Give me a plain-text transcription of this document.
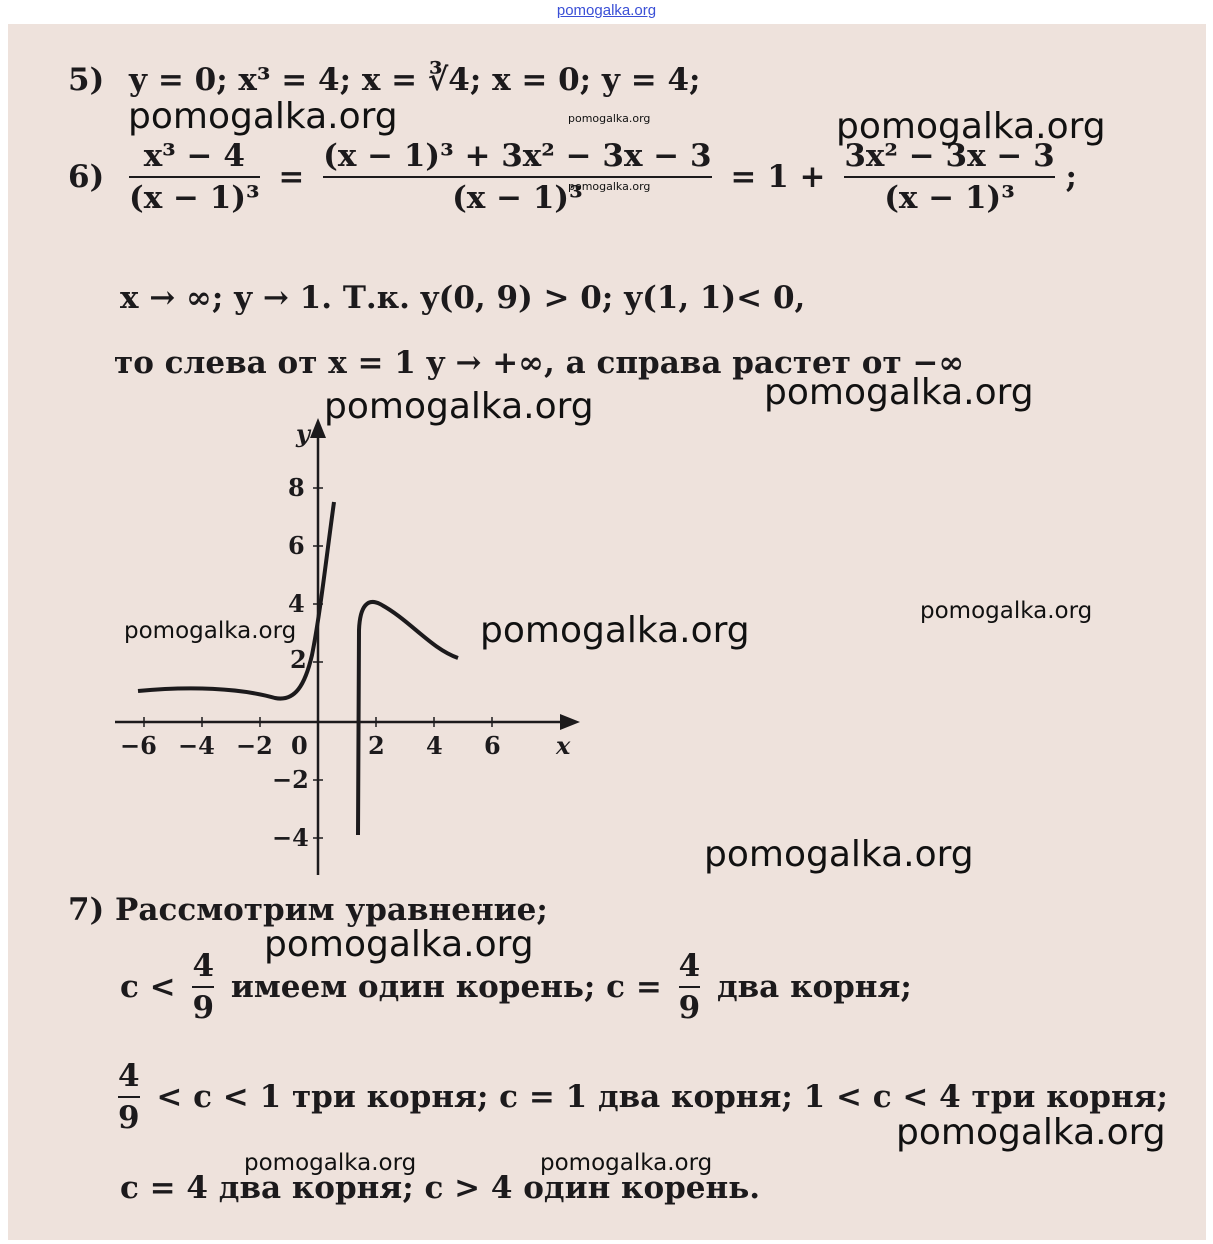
pomogalka.org
5) y = 0; x³ = 4; x = ∛4; x = 0; y = 4;
$6) \frac{\text{x³ − 4}}{\text{(x − 1)³}} = \frac{\text{(x − 1)³ + 3x² − 3x − 3}}{\text{(x − 1)³}} = 1 + \frac{\text{3x² − 3x − 3}}{\text{(x − 1)³}}$ ;
x → ∞; y → 1. Т.к. y(0, 9) > 0; y(1, 1)< 0,
то слева от x = 1 y → +∞, а справа растет от −∞
y
x
−6 −4 −2 0	2 4 6
8
6
4
2
−2
−4
7) Рассмотрим уравнение;
$c < \frac{4}{9}$ имеем один корень; $c = \frac{4}{9}$ два корня;
$\frac{4}{9} < c < 1$ три корня; c = 1 два корня; 1 < c < 4 три корня;
c = 4 два корня; c > 4 один корень.
pomogalka.org	pomogalka.org	pomogalka.org
pomogalka.org
pomogalka.org
pomogalka.org
pomogalka.org
pomogalka.org	pomogalka.org
pomogalka.org
pomogalka.org
pomogalka.org
pomogalka.org	pomogalka.org
